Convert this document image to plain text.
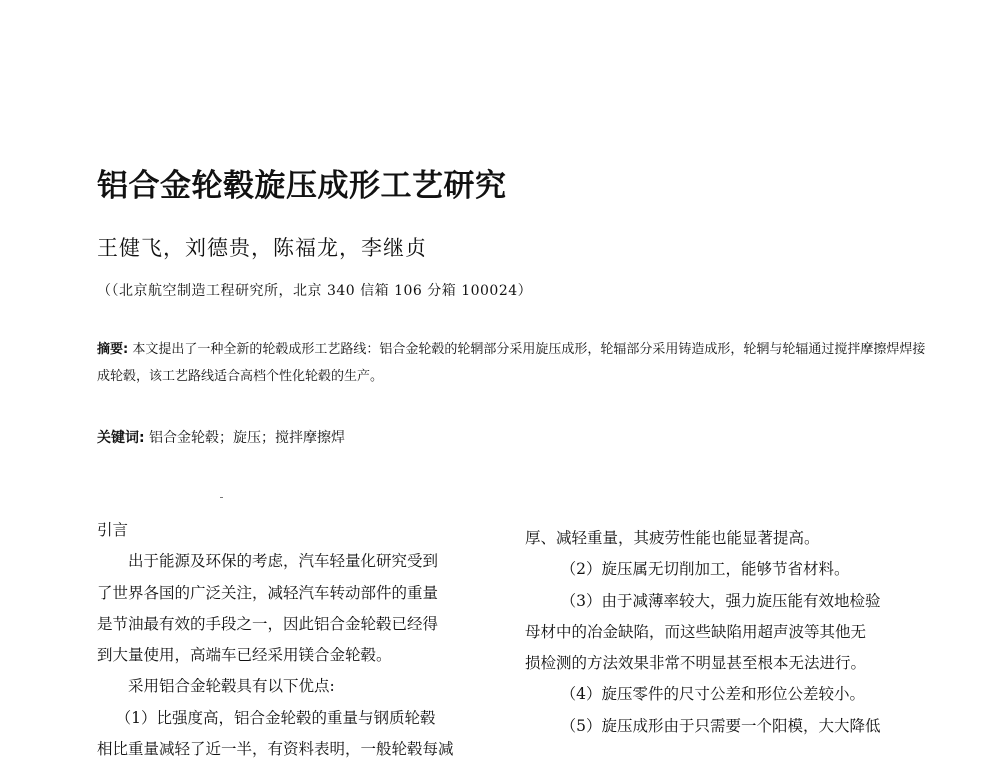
铝合金轮毂旋压成形工艺研究
王健飞，刘德贵，陈福龙，李继贞
（（北京航空制造工程研究所，北京 340 信箱 106 分箱 100024）
摘要: 本文提出了一种全新的轮毂成形工艺路线：铝合金轮毂的轮辋部分采用旋压成形，轮辐部分采用铸造成形，轮辋与轮辐通过搅拌摩擦焊焊接成轮毂，该工艺路线适合高档个性化轮毂的生产。
关键词: 铝合金轮毂；旋压；搅拌摩擦焊

引言

出于能源及环保的考虑，汽车轻量化研究受到

了世界各国的广泛关注，减轻汽车转动部件的重量

是节油最有效的手段之一，因此铝合金轮毂已经得

到大量使用，高端车已经采用镁合金轮毂。

采用铝合金轮毂具有以下优点:

（1）比强度高，铝合金轮毂的重量与钢质轮毂

相比重量减轻了近一半，有资料表明，一般轮毂每减

厚、减轻重量，其疲劳性能也能显著提高。

（2）旋压属无切削加工，能够节省材料。

（3）由于减薄率较大，强力旋压能有效地检验

母材中的冶金缺陷，而这些缺陷用超声波等其他无

损检测的方法效果非常不明显甚至根本无法进行。

（4）旋压零件的尺寸公差和形位公差较小。

（5）旋压成形由于只需要一个阳模，大大降低
